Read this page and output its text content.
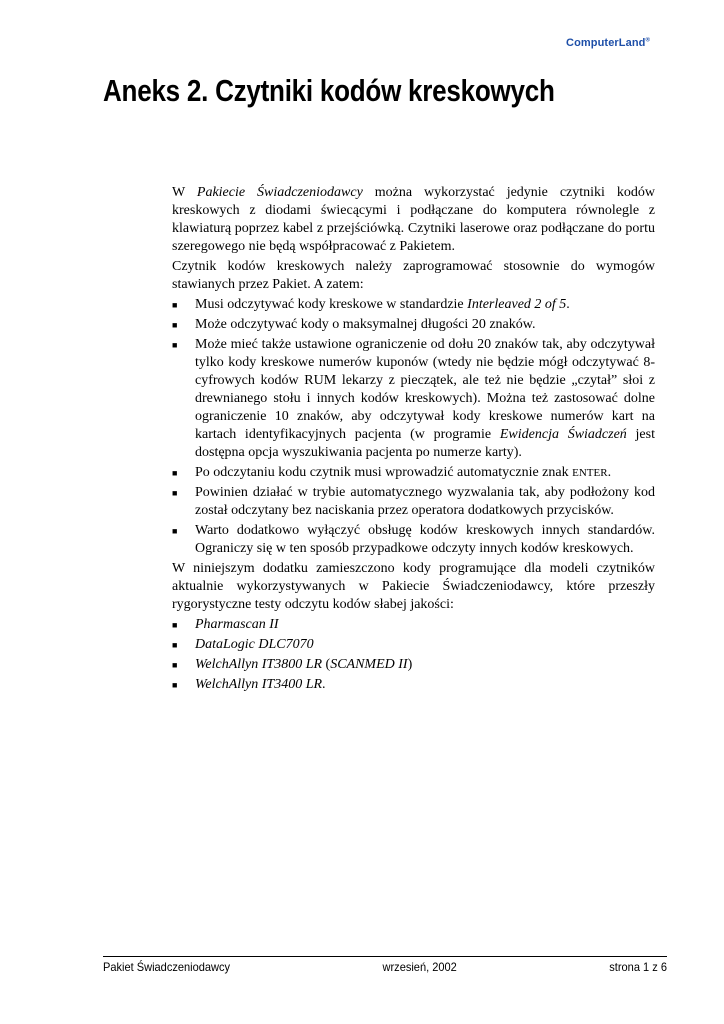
ComputerLand®
Aneks 2. Czytniki kodów kreskowych

W Pakiecie Świadczeniodawcy można wykorzystać jedynie czytniki kodów kreskowych z diodami świecącymi i podłączane do komputera równolegle z klawiaturą poprzez kabel z przejściówką. Czytniki laserowe oraz podłączane do portu szeregowego nie będą współpracować z Pakietem.

Czytnik kodów kreskowych należy zaprogramować stosownie do wymogów stawianych przez Pakiet. A zatem:

■ Musi odczytywać kody kreskowe w standardzie Interleaved 2 of 5.
■ Może odczytywać kody o maksymalnej długości 20 znaków.
■ Może mieć także ustawione ograniczenie od dołu 20 znaków tak, aby odczytywał tylko kody kreskowe numerów kuponów (wtedy nie będzie mógł odczytywać 8-cyfrowych kodów RUM lekarzy z pieczątek, ale też nie będzie „czytał” słoi z drewnianego stołu i innych kodów kreskowych). Można też zastosować dolne ograniczenie 10 znaków, aby odczytywał kody kreskowe numerów kart na kartach identyfikacyjnych pacjenta (w programie Ewidencja Świadczeń jest dostępna opcja wyszukiwania pacjenta po numerze karty).
■ Po odczytaniu kodu czytnik musi wprowadzić automatycznie znak ENTER.
■ Powinien działać w trybie automatycznego wyzwalania tak, aby podłożony kod został odczytany bez naciskania przez operatora dodatkowych przycisków.
■ Warto dodatkowo wyłączyć obsługę kodów kreskowych innych standardów. Ograniczy się w ten sposób przypadkowe odczyty innych kodów kreskowych.

W niniejszym dodatku zamieszczono kody programujące dla modeli czytników aktualnie wykorzystywanych w Pakiecie Świadczeniodawcy, które przeszły rygorystyczne testy odczytu kodów słabej jakości:

■ Pharmascan II
■ DataLogic DLC7070
■ WelchAllyn IT3800 LR (SCANMED II)
■ WelchAllyn IT3400 LR.
Pakiet Świadczeniodawcy	wrzesień, 2002	strona 1 z 6
